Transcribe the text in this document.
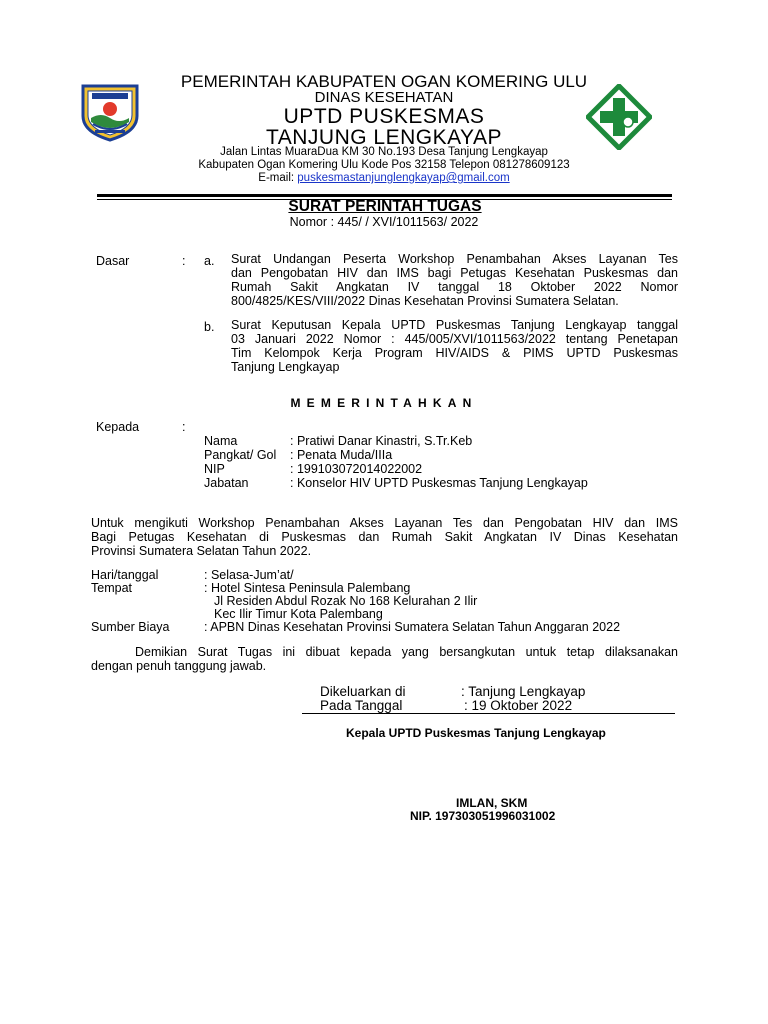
PEMERINTAH KABUPATEN OGAN KOMERING ULU
DINAS KESEHATAN
UPTD PUSKESMAS
TANJUNG LENGKAYAP
Jalan Lintas MuaraDua KM 30 No.193 Desa Tanjung Lengkayap
Kabupaten Ogan Komering Ulu Kode Pos 32158 Telepon 081278609123
E-mail: puskesmastanjunglengkayap@gmail.com
SURAT PERINTAH TUGAS
Nomor : 445/ / XVI/1011563/ 2022
Dasar	: a. Surat Undangan Peserta Workshop Penambahan Akses Layanan Tes
dan Pengobatan HIV dan IMS bagi Petugas Kesehatan Puskesmas dan
Rumah Sakit Angkatan IV tanggal 18 Oktober 2022 Nomor
800/4825/KES/VIII/2022 Dinas Kesehatan Provinsi Sumatera Selatan.
b. Surat Keputusan Kepala UPTD Puskesmas Tanjung Lengkayap tanggal
03 Januari 2022 Nomor : 445/005/XVI/1011563/2022 tentang Penetapan
Tim Kelompok Kerja Program HIV/AIDS & PIMS UPTD Puskesmas
Tanjung Lengkayap
MEMERINTAHKAN
Kepada	:
Nama	: Pratiwi Danar Kinastri, S.Tr.Keb
Pangkat/ Gol : Penata Muda/IIIa
NIP	: 199103072014022002
Jabatan	: Konselor HIV UPTD Puskesmas Tanjung Lengkayap
Untuk mengikuti Workshop Penambahan Akses Layanan Tes dan Pengobatan HIV dan IMS
Bagi Petugas Kesehatan di Puskesmas dan Rumah Sakit Angkatan IV Dinas Kesehatan
Provinsi Sumatera Selatan Tahun 2022.
Hari/tanggal	: Selasa-Jum’at/
Tempat	: Hotel Sintesa Peninsula Palembang
Jl Residen Abdul Rozak No 168 Kelurahan 2 Ilir
Kec Ilir Timur Kota Palembang
Sumber Biaya	: APBN Dinas Kesehatan Provinsi Sumatera Selatan Tahun Anggaran 2022
Demikian Surat Tugas ini dibuat kepada yang bersangkutan untuk tetap dilaksanakan
dengan penuh tanggung jawab.
Dikeluarkan di	: Tanjung Lengkayap
Pada Tanggal	: 19 Oktober 2022
Kepala UPTD Puskesmas Tanjung Lengkayap
IMLAN, SKM
NIP. 197303051996031002
